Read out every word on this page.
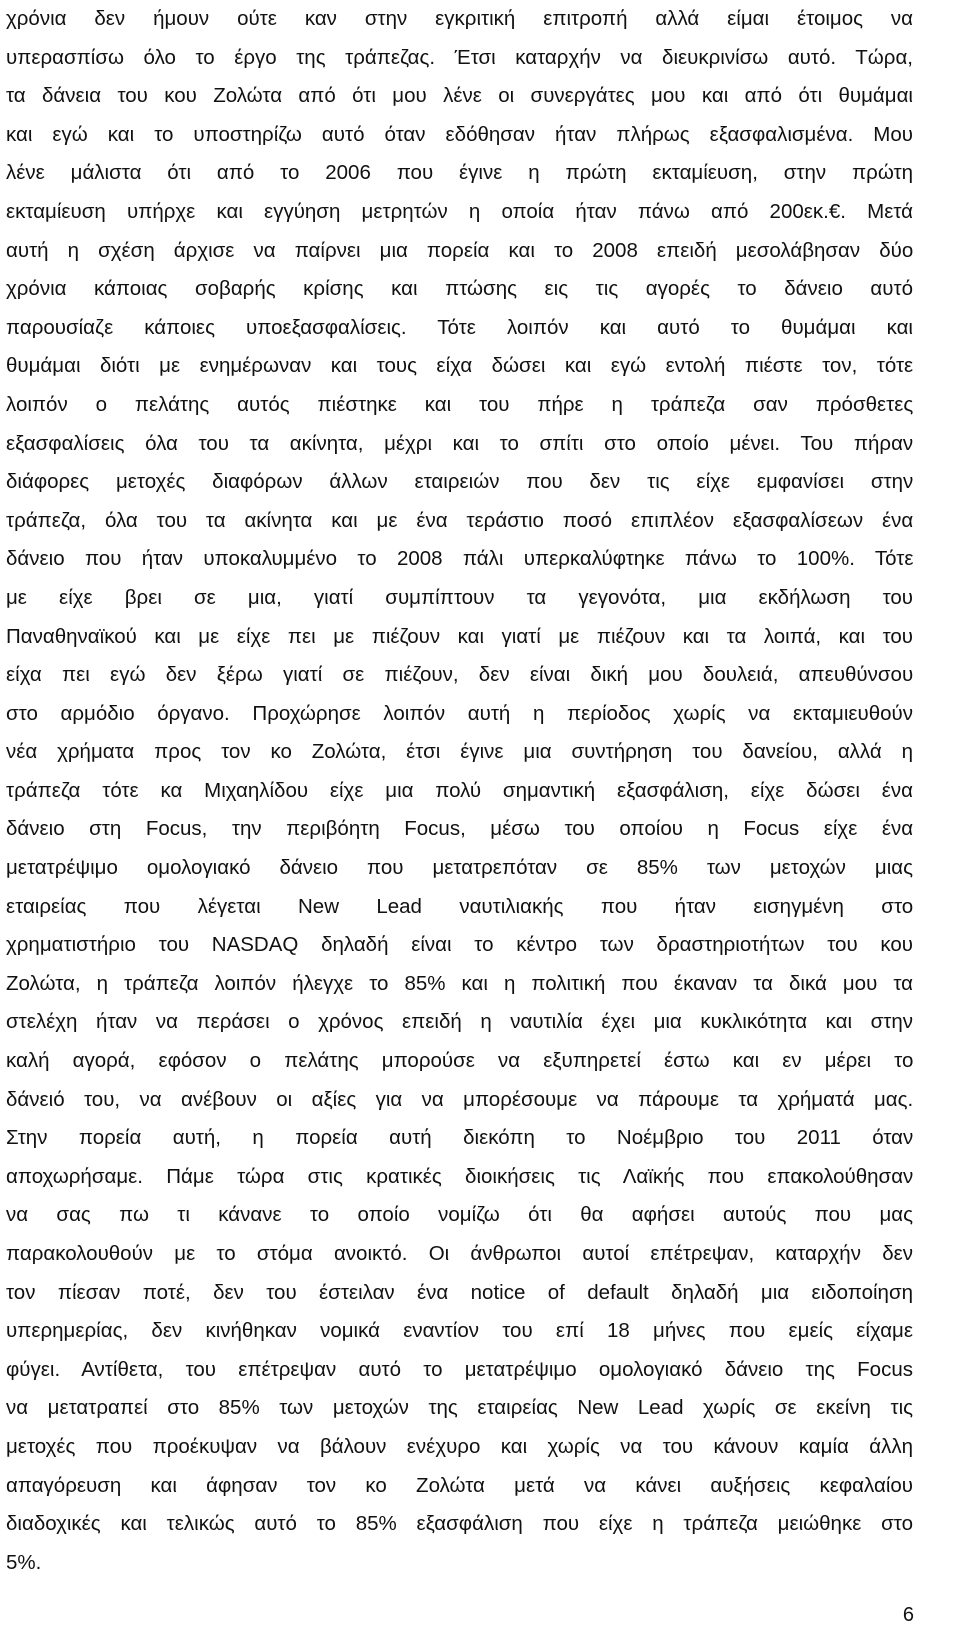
χρόνια δεν ήμουν ούτε καν στην εγκριτική επιτροπή αλλά είμαι έτοιμος να
υπερασπίσω όλο το έργο της τράπεζας. Έτσι καταρχήν να διευκρινίσω αυτό. Τώρα,
τα δάνεια του κου Ζολώτα από ότι μου λένε οι συνεργάτες μου και από ότι θυμάμαι
και εγώ και το υποστηρίζω αυτό όταν εδόθησαν ήταν πλήρως εξασφαλισμένα. Μου
λένε μάλιστα ότι από το 2006 που έγινε η πρώτη εκταμίευση, στην πρώτη
εκταμίευση υπήρχε και εγγύηση μετρητών η οποία ήταν πάνω από 200εκ.€. Μετά
αυτή η σχέση άρχισε να παίρνει μια πορεία και το 2008 επειδή μεσολάβησαν δύο
χρόνια κάποιας σοβαρής κρίσης και πτώσης εις τις αγορές το δάνειο αυτό
παρουσίαζε κάποιες υποεξασφαλίσεις. Τότε λοιπόν και αυτό το θυμάμαι και
θυμάμαι διότι με ενημέρωναν και τους είχα δώσει και εγώ εντολή πιέστε τον, τότε
λοιπόν ο πελάτης αυτός πιέστηκε και του πήρε η τράπεζα σαν πρόσθετες
εξασφαλίσεις όλα του τα ακίνητα, μέχρι και το σπίτι στο οποίο μένει. Του πήραν
διάφορες μετοχές διαφόρων άλλων εταιρειών που δεν τις είχε εμφανίσει στην
τράπεζα, όλα του τα ακίνητα και με ένα τεράστιο ποσό επιπλέον εξασφαλίσεων ένα
δάνειο που ήταν υποκαλυμμένο το 2008 πάλι υπερκαλύφτηκε πάνω το 100%. Τότε
με είχε βρει σε μια, γιατί συμπίπτουν τα γεγονότα, μια εκδήλωση του
Παναθηναϊκού και με είχε πει με πιέζουν και γιατί με πιέζουν και τα λοιπά, και του
είχα πει εγώ δεν ξέρω γιατί σε πιέζουν, δεν είναι δική μου δουλειά, απευθύνσου
στο αρμόδιο όργανο. Προχώρησε λοιπόν αυτή η περίοδος χωρίς να εκταμιευθούν
νέα χρήματα προς τον κο Ζολώτα, έτσι έγινε μια συντήρηση του δανείου, αλλά η
τράπεζα τότε κα Μιχαηλίδου είχε μια πολύ σημαντική εξασφάλιση, είχε δώσει ένα
δάνειο στη Focus, την περιβόητη Focus, μέσω του οποίου η Focus είχε ένα
μετατρέψιμο ομολογιακό δάνειο που μετατρεπόταν σε 85% των μετοχών μιας
εταιρείας που λέγεται New Lead ναυτιλιακής που ήταν εισηγμένη στο
χρηματιστήριο του NASDAQ δηλαδή είναι το κέντρο των δραστηριοτήτων του κου
Ζολώτα, η τράπεζα λοιπόν ήλεγχε το 85% και η πολιτική που έκαναν τα δικά μου τα
στελέχη ήταν να περάσει ο χρόνος επειδή η ναυτιλία έχει μια κυκλικότητα και στην
καλή αγορά, εφόσον ο πελάτης μπορούσε να εξυπηρετεί έστω και εν μέρει το
δάνειό του, να ανέβουν οι αξίες για να μπορέσουμε να πάρουμε τα χρήματά μας.
Στην πορεία αυτή, η πορεία αυτή διεκόπη το Νοέμβριο του 2011 όταν
αποχωρήσαμε. Πάμε τώρα στις κρατικές διοικήσεις τις Λαϊκής που επακολούθησαν
να σας πω τι κάνανε το οποίο νομίζω ότι θα αφήσει αυτούς που μας
παρακολουθούν με το στόμα ανοικτό. Οι άνθρωποι αυτοί επέτρεψαν, καταρχήν δεν
τον πίεσαν ποτέ, δεν του έστειλαν ένα notice of default δηλαδή μια ειδοποίηση
υπερημερίας, δεν κινήθηκαν νομικά εναντίον του επί 18 μήνες που εμείς είχαμε
φύγει. Αντίθετα, του επέτρεψαν αυτό το μετατρέψιμο ομολογιακό δάνειο της Focus
να μετατραπεί στο 85% των μετοχών της εταιρείας New Lead χωρίς σε εκείνη τις
μετοχές που προέκυψαν να βάλουν ενέχυρο και χωρίς να του κάνουν καμία άλλη
απαγόρευση και άφησαν τον κο Ζολώτα μετά να κάνει αυξήσεις κεφαλαίου
διαδοχικές και τελικώς αυτό το 85% εξασφάλιση που είχε η τράπεζα μειώθηκε στο
5%.
6
